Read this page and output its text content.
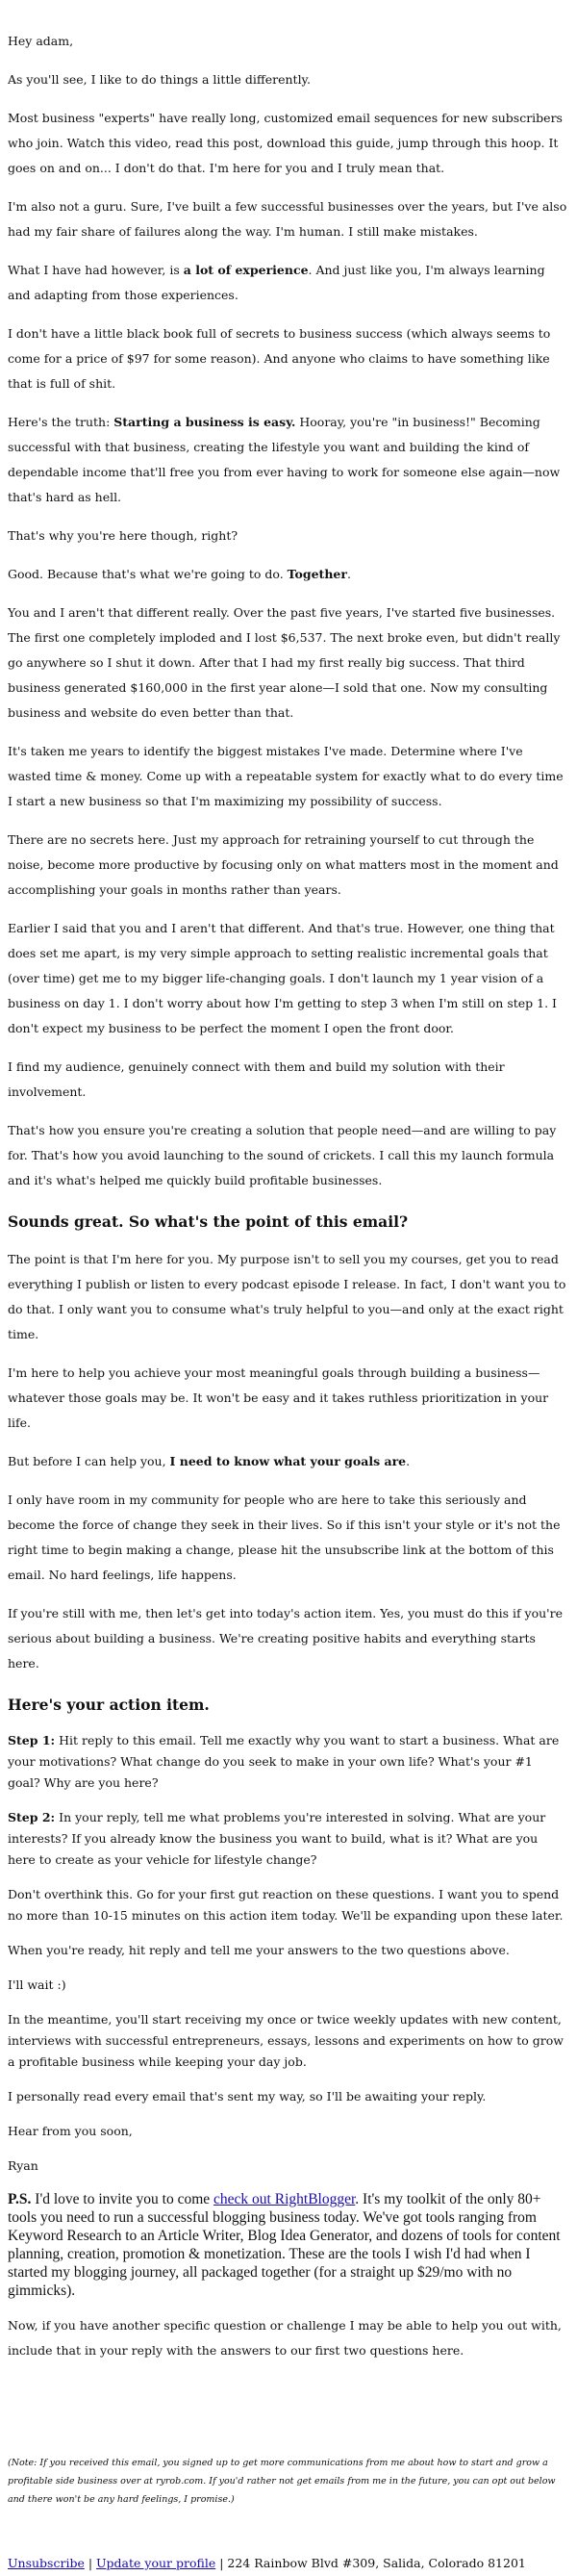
Hey adam,

As you'll see, I like to do things a little differently.

Most business "experts" have really long, customized email sequences for new subscribers who join. Watch this video, read this post, download this guide, jump through this hoop. It goes on and on... I don't do that. I'm here for you and I truly mean that.

I'm also not a guru. Sure, I've built a few successful businesses over the years, but I've also had my fair share of failures along the way. I'm human. I still make mistakes.

What I have had however, is a lot of experience. And just like you, I'm always learning and adapting from those experiences.

I don't have a little black book full of secrets to business success (which always seems to come for a price of $97 for some reason). And anyone who claims to have something like that is full of shit.

Here's the truth: Starting a business is easy. Hooray, you're "in business!" Becoming successful with that business, creating the lifestyle you want and building the kind of dependable income that'll free you from ever having to work for someone else again—now that's hard as hell.

That's why you're here though, right?

Good. Because that's what we're going to do. Together.

You and I aren't that different really. Over the past five years, I've started five businesses. The first one completely imploded and I lost $6,537. The next broke even, but didn't really go anywhere so I shut it down. After that I had my first really big success. That third business generated $160,000 in the first year alone—I sold that one. Now my consulting business and website do even better than that.

It's taken me years to identify the biggest mistakes I've made. Determine where I've wasted time & money. Come up with a repeatable system for exactly what to do every time I start a new business so that I'm maximizing my possibility of success.

There are no secrets here. Just my approach for retraining yourself to cut through the noise, become more productive by focusing only on what matters most in the moment and accomplishing your goals in months rather than years.

Earlier I said that you and I aren't that different. And that's true. However, one thing that does set me apart, is my very simple approach to setting realistic incremental goals that (over time) get me to my bigger life-changing goals. I don't launch my 1 year vision of a business on day 1. I don't worry about how I'm getting to step 3 when I'm still on step 1. I don't expect my business to be perfect the moment I open the front door.

I find my audience, genuinely connect with them and build my solution with their involvement.

That's how you ensure you're creating a solution that people need—and are willing to pay for. That's how you avoid launching to the sound of crickets. I call this my launch formula and it's what's helped me quickly build profitable businesses.

Sounds great. So what's the point of this email?

The point is that I'm here for you. My purpose isn't to sell you my courses, get you to read everything I publish or listen to every podcast episode I release. In fact, I don't want you to do that. I only want you to consume what's truly helpful to you—and only at the exact right time.

I'm here to help you achieve your most meaningful goals through building a business—whatever those goals may be. It won't be easy and it takes ruthless prioritization in your life.

But before I can help you, I need to know what your goals are.

I only have room in my community for people who are here to take this seriously and become the force of change they seek in their lives. So if this isn't your style or it's not the right time to begin making a change, please hit the unsubscribe link at the bottom of this email. No hard feelings, life happens.

If you're still with me, then let's get into today's action item. Yes, you must do this if you're serious about building a business. We're creating positive habits and everything starts here.

Here's your action item.

Step 1: Hit reply to this email. Tell me exactly why you want to start a business. What are your motivations? What change do you seek to make in your own life? What's your #1 goal? Why are you here?

Step 2: In your reply, tell me what problems you're interested in solving. What are your interests? If you already know the business you want to build, what is it? What are you here to create as your vehicle for lifestyle change?

Don't overthink this. Go for your first gut reaction on these questions. I want you to spend no more than 10-15 minutes on this action item today. We'll be expanding upon these later.

When you're ready, hit reply and tell me your answers to the two questions above.

I'll wait :)

In the meantime, you'll start receiving my once or twice weekly updates with new content, interviews with successful entrepreneurs, essays, lessons and experiments on how to grow a profitable business while keeping your day job.

I personally read every email that's sent my way, so I'll be awaiting your reply.

Hear from you soon,

Ryan

P.S. I'd love to invite you to come check out RightBlogger. It's my toolkit of the only 80+ tools you need to run a successful blogging business today. We've got tools ranging from Keyword Research to an Article Writer, Blog Idea Generator, and dozens of tools for content planning, creation, promotion & monetization. These are the tools I wish I'd had when I started my blogging journey, all packaged together (for a straight up $29/mo with no gimmicks).

Now, if you have another specific question or challenge I may be able to help you out with, include that in your reply with the answers to our first two questions here.

(Note: If you received this email, you signed up to get more communications from me about how to start and grow a profitable side business over at ryrob.com. If you'd rather not get emails from me in the future, you can opt out below and there won't be any hard feelings, I promise.)

Unsubscribe | Update your profile | 224 Rainbow Blvd #309, Salida, Colorado 81201
